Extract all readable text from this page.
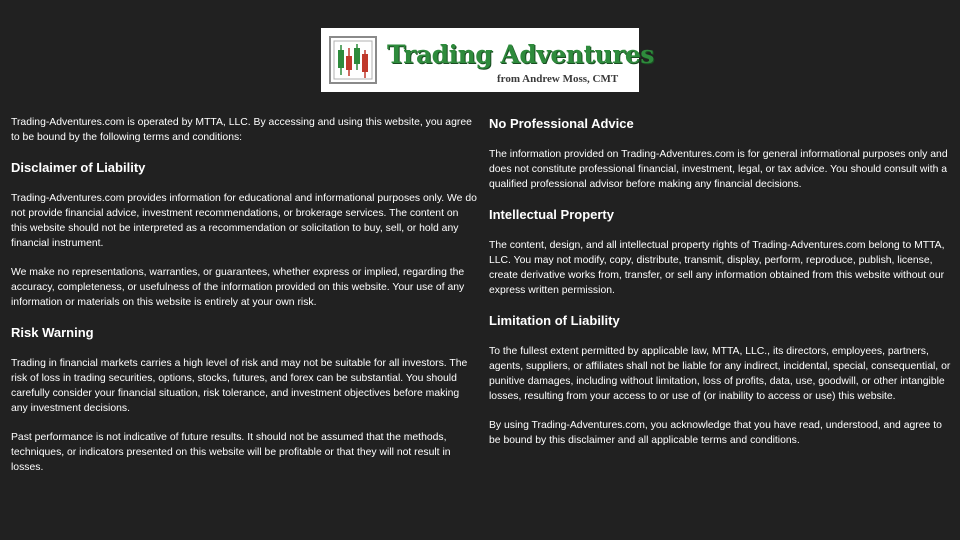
Trading Adventures
from Andrew Moss, CMT

Trading-Adventures.com is operated by MTTA, LLC. By accessing and using this website, you agree to be bound by the following terms and conditions:

Disclaimer of Liability

Trading-Adventures.com provides information for educational and informational purposes only. We do not provide financial advice, investment recommendations, or brokerage services. The content on this website should not be interpreted as a recommendation or solicitation to buy, sell, or hold any financial instrument.

We make no representations, warranties, or guarantees, whether express or implied, regarding the accuracy, completeness, or usefulness of the information provided on this website. Your use of any information or materials on this website is entirely at your own risk.

Risk Warning

Trading in financial markets carries a high level of risk and may not be suitable for all investors. The risk of loss in trading securities, options, stocks, futures, and forex can be substantial. You should carefully consider your financial situation, risk tolerance, and investment objectives before making any investment decisions.

Past performance is not indicative of future results. It should not be assumed that the methods, techniques, or indicators presented on this website will be profitable or that they will not result in losses.

No Professional Advice

The information provided on Trading-Adventures.com is for general informational purposes only and does not constitute professional financial, investment, legal, or tax advice. You should consult with a qualified professional advisor before making any financial decisions.

Intellectual Property

The content, design, and all intellectual property rights of Trading-Adventures.com belong to MTTA, LLC. You may not modify, copy, distribute, transmit, display, perform, reproduce, publish, license, create derivative works from, transfer, or sell any information obtained from this website without our express written permission.

Limitation of Liability

To the fullest extent permitted by applicable law, MTTA, LLC., its directors, employees, partners, agents, suppliers, or affiliates shall not be liable for any indirect, incidental, special, consequential, or punitive damages, including without limitation, loss of profits, data, use, goodwill, or other intangible losses, resulting from your access to or use of (or inability to access or use) this website.

By using Trading-Adventures.com, you acknowledge that you have read, understood, and agree to be bound by this disclaimer and all applicable terms and conditions.
